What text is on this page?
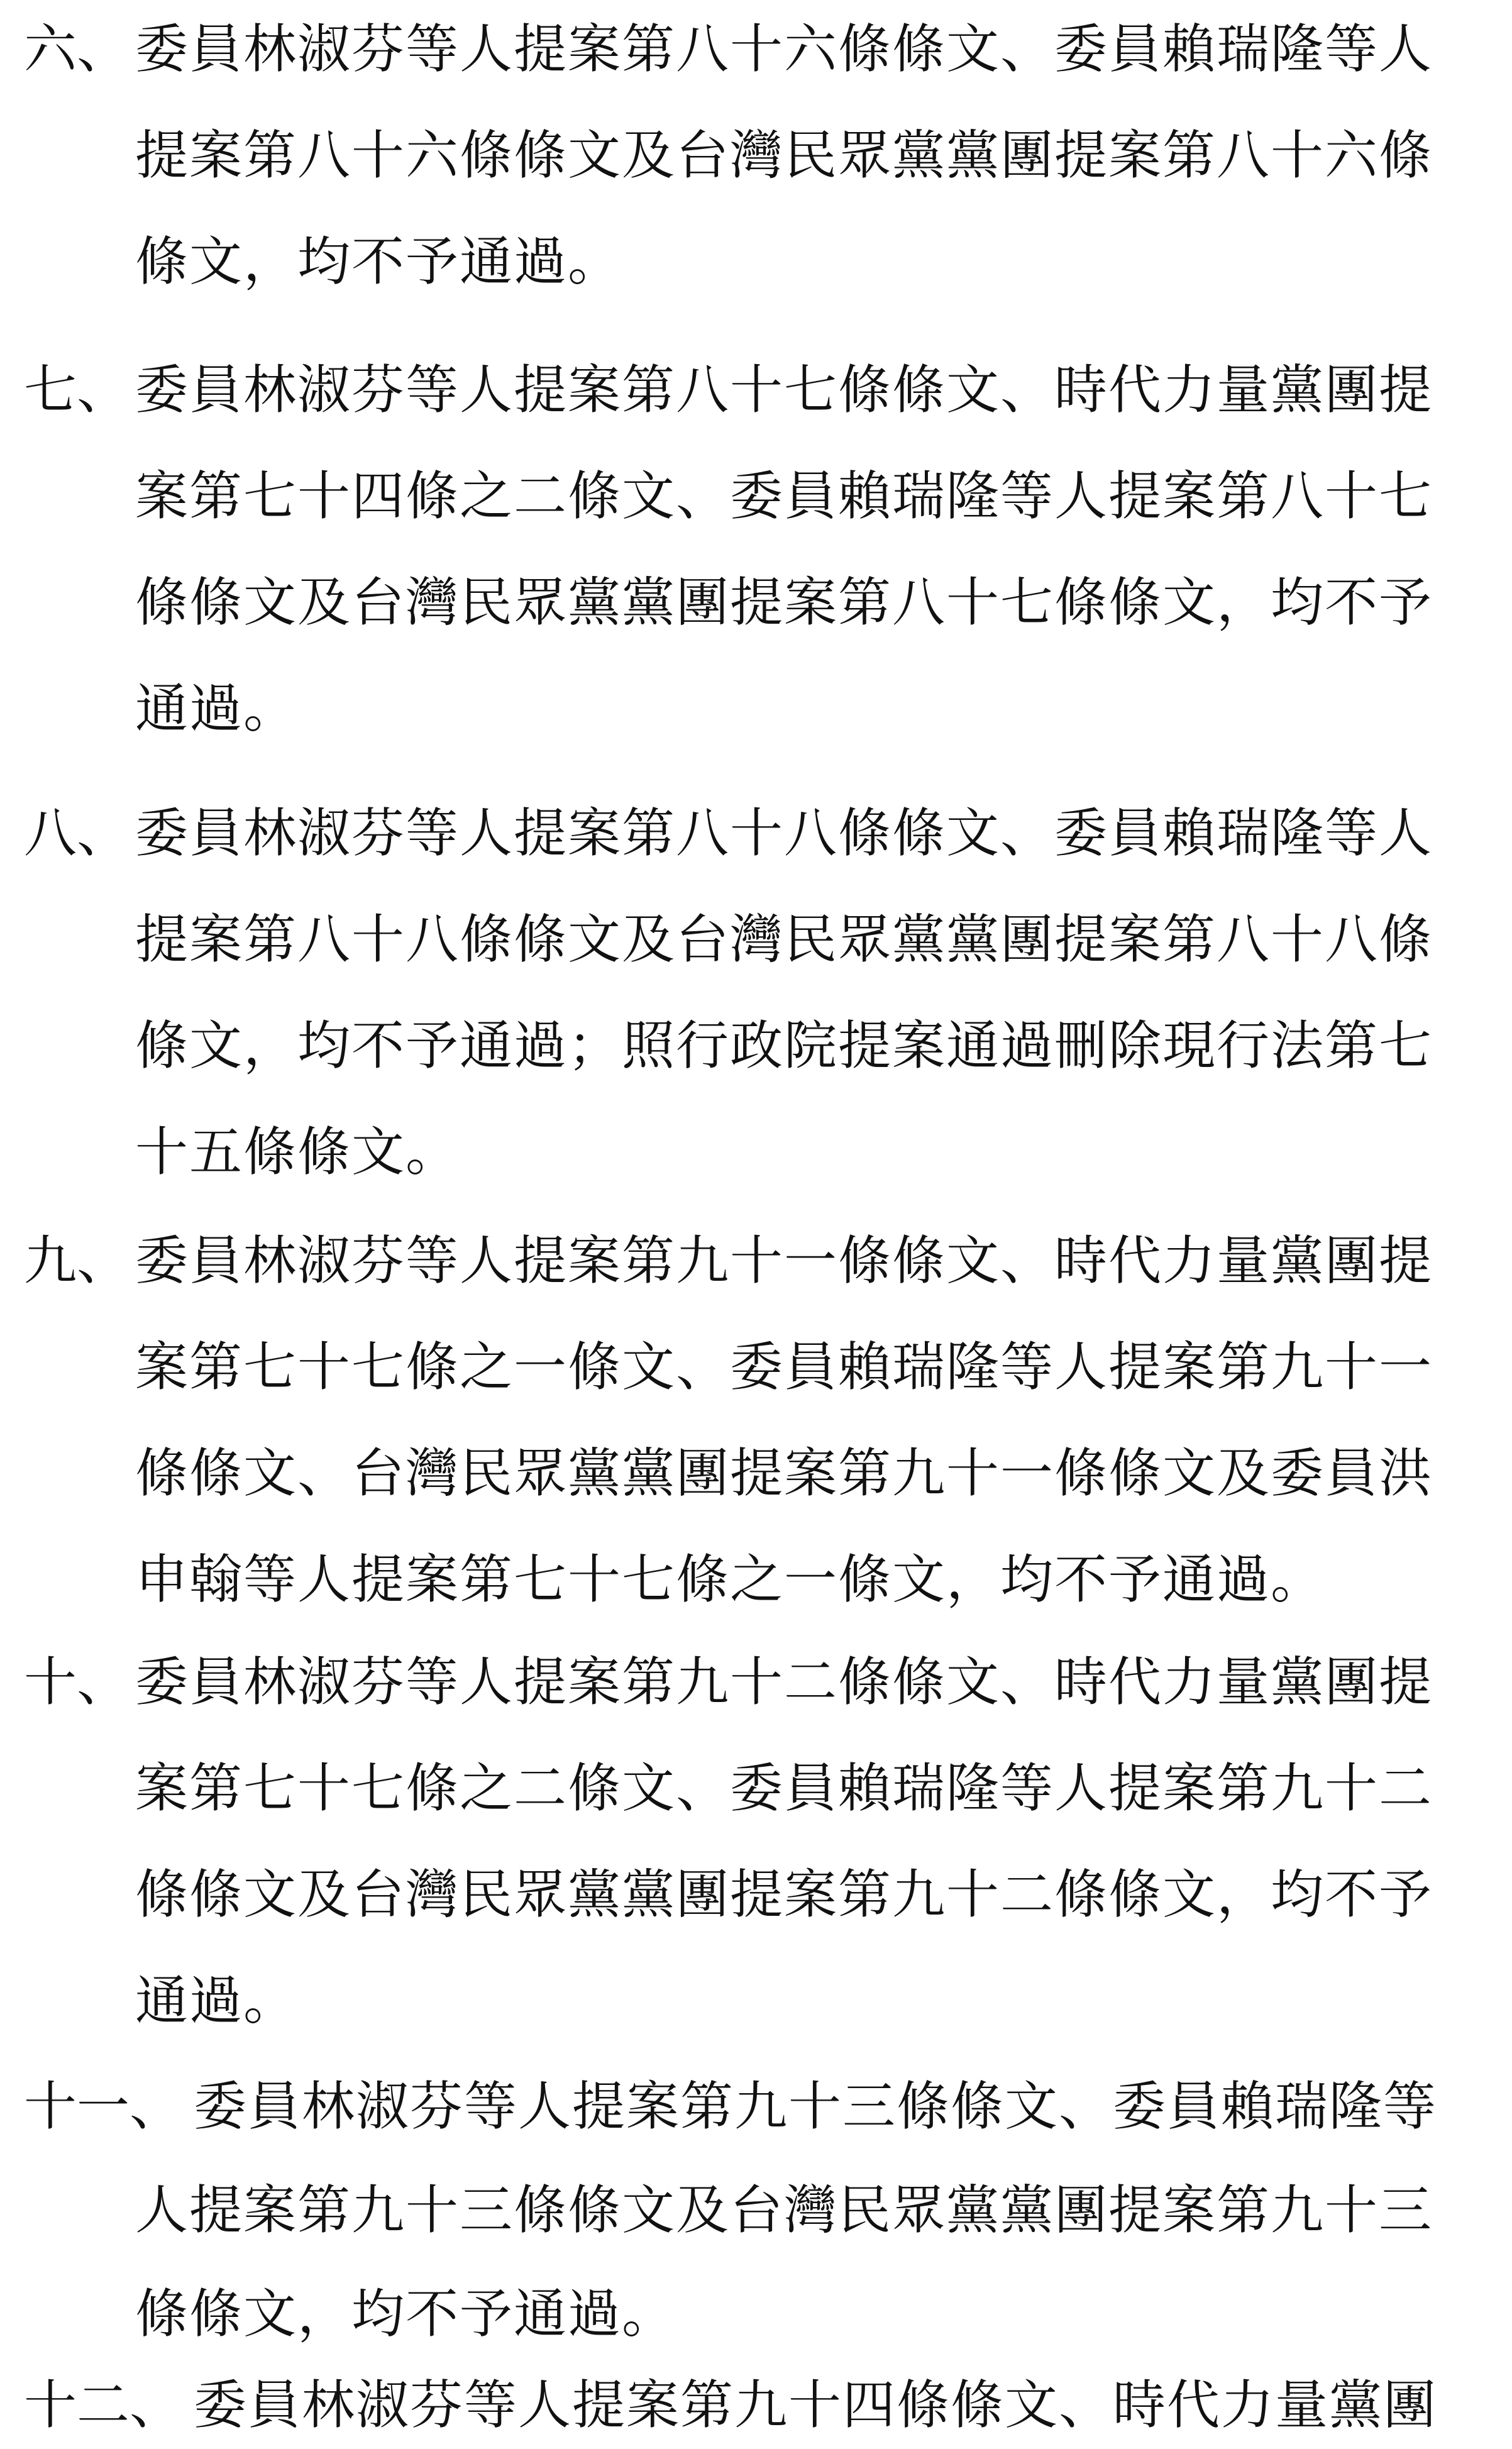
六、 委員林淑芬等人提案第八十六條條文、委員賴瑞隆等人
提案第八十六條條文及台灣民眾黨黨團提案第八十六條
條文，均不予通過。
七、 委員林淑芬等人提案第八十七條條文、時代力量黨團提
案第七十四條之二條文、委員賴瑞隆等人提案第八十七
條條文及台灣民眾黨黨團提案第八十七條條文，均不予
通過。
八、 委員林淑芬等人提案第八十八條條文、委員賴瑞隆等人
提案第八十八條條文及台灣民眾黨黨團提案第八十八條
條文，均不予通過；照行政院提案通過刪除現行法第七
十五條條文。
九、 委員林淑芬等人提案第九十一條條文、時代力量黨團提
案第七十七條之一條文、委員賴瑞隆等人提案第九十一
條條文、台灣民眾黨黨團提案第九十一條條文及委員洪
申翰等人提案第七十七條之一條文，均不予通過。
十、 委員林淑芬等人提案第九十二條條文、時代力量黨團提
案第七十七條之二條文、委員賴瑞隆等人提案第九十二
條條文及台灣民眾黨黨團提案第九十二條條文，均不予
通過。
十一、 委員林淑芬等人提案第九十三條條文、委員賴瑞隆等
人提案第九十三條條文及台灣民眾黨黨團提案第九十三
條條文，均不予通過。
十二、 委員林淑芬等人提案第九十四條條文、時代力量黨團
